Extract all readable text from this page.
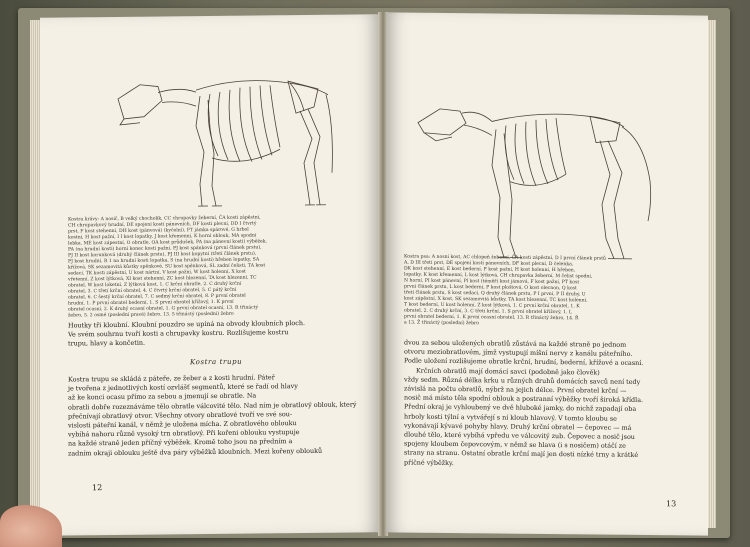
Kostra krávy: A nosič, B velký chocholík, CC chrupavky žeberní, ČA kosti zápěstní,

CH chrupavkový hrudní, DE spojení kostí pánevních, DF kosti plecní, DD I čtvrtý

prst, F kost stehenní, DH kost (pánvová) (kyčelní), FT jámka spárové, G hrbol

kostní, H kost pažní, I I kost lopatky, J kost křemenní, K horní oblouk, MA spodní

lebka, ME kost zápestní, O obratle, OA kost průdušek, PA (na pánevní kosti) výběžek,

PA (na hrudní kosti) horní konec kosti pažní, PJ kost spánková (první článek prstu),

PJ II kost korunková (druhý článek prstu), PJ III kost kopytní (třetí článek prstu),

PJ kost hrudní, R 1 na hrudní kosti lopatka, S (na hrudní kosti) hřeben lopatky, SA

křížová, SK sezamovitá kůstky spěnkové, SU kost spěnková, SL zadní čelisti, TA kost

sedací, TK kosti zápěstní, U kost nártní, V kost pažní, W kost holenní, X kost

vřetenní, Z kost lýtková, XI kost stehenní, ZC kost hlezenní, TA kost hlezenní, TC

obratel, W kost loketní, Z lýtková kost, 1. C krční obratle, 2. C druhý krční

obratel, 3. C třetí krční obratel, 4. C čtvrtý krční obratel, 5. C pátý krční

obratel, 6. C šestý krční obratel, 7. C sedmý krční obratel, 8. P první obratel

hrudní, 1. P první obratel bederní, 1. S první obratel křížový, 1. K první

obratel ocasní, 2. K druhý ocasní obratel, 1. G první obratel ocasní, 13. R třináctý

žebro, 5. 2 osmé (poslední pravé) žebro, 13. 5 třináctý (poslední) žebro

Houtky tři kloubní. Kloubní pouzdro se upíná na obvody kloubních ploch.

Ve svém souhrnu tvoří kosti a chrupavky kostru. Rozlišujeme kostru

trupu, hlavy a končetin.

Kostra trupu

Kostra trupu se skládá z páteře, ze žeber a z kosti hrudní. Páteř

je tvořena z jednotlivých kostí ozvlášť segmentů, které se řadí od hlavy

až ke konci ocasu přímo za sebou a jmenují se obratle. Na

obratli dobře rozeznáváme tělo obratle válcovité tělo. Nad ním je obratlový oblouk, který

přečnívají obratlový otvor. Všechny otvory obratlové tvoří ve své sou-

vislosti páteřní kanál, v němž je uložena mícha. Z obratlového oblouku

vybíhá nahoru různě vysoký trn obratlový. Při kořeni oblouku vystupuje

na každé straně jeden příčný výběžek. Kromě toho jsou na předním a

zadním okraji oblouku ještě dva páry výběžků kloubních. Mezi kořeny oblouků

12

Kostra psa: A nosní kost, AC chlopeň žeberní, ČA kosti zápěstní, D I první článek prstů

A, D III třetí prst, DE spojení kostí pánevních, DF kost plecní, D čelenka,

DK kost stehenní, E kost bederní, F kost pažní, H kost holenní, H hřeben,

lopatky, K kost křemenní, L kost lýtková, CH chrupavka žeberní, M čelist spodní,

N horní, PI kost pánevní, Pl kost (téměř) kost jámová, F kost pažní, PT kost

první článek prstu, L kost bederní, P kost ploštová, O kost olecnon, Q kost

třetí článek prstu, S kost sedací, Q druhý článek prstu, P I první, P II druhý, U

kost zápěstní, X kost, SK sezamovitá kůstky, TA kost hlezenní, TC kost holenní,

T kost bederní, U kost holenní, Z kost lýtková, 1. C první krční obratel, 1. K

obratel, 2. C druhý krční, 3. C třetí krční, 1. S první obratel křížový, 1. L

první obratel bederní, 1. K první ocasní obratel, 13. R třináctý žebro, 14. Ř

a 13. Ž třináctý (poslední) žebro

dvou za sebou uložených obratlů zůstává na každé straně po jednom

otvoru meziobratlovém, jímž vystupují míšní nervy z kanálu páteřního.

Podle uložení rozlišujeme obratle krční, hrudní, bederní, křížové a ocasní.

Krčních obratlů mají domácí savci (podobně jako člověk)

vždy sedm. Různá délka krku u různých druhů domácích savců není tedy

závislá na počtu obratlů, nýbrž na jejich délce. První obratel krční —

nosič má místo těla spodní oblouk a postranní výběžky tvoří široká křídla.

Přední okraj je vyhloubený ve dvě hluboké jamky, do nichž zapadají oba

hrboly kosti týlní a vytvářejí s ní kloub hlavový. V tomto kloubu se

vykonávají kývavé pohyby hlavy. Druhý krční obratel — čepovec — má

dlouhé tělo, které vybíhá vpředu ve válcovitý zub. Čepovec a nosič jsou

spojeny kloubem čepovcovým, v němž se hlava (i s nosičem) otáčí ze

strany na stranu. Ostatní obratle krční mají jen dosti nízké trny a krátké

příčné výběžky.

13
